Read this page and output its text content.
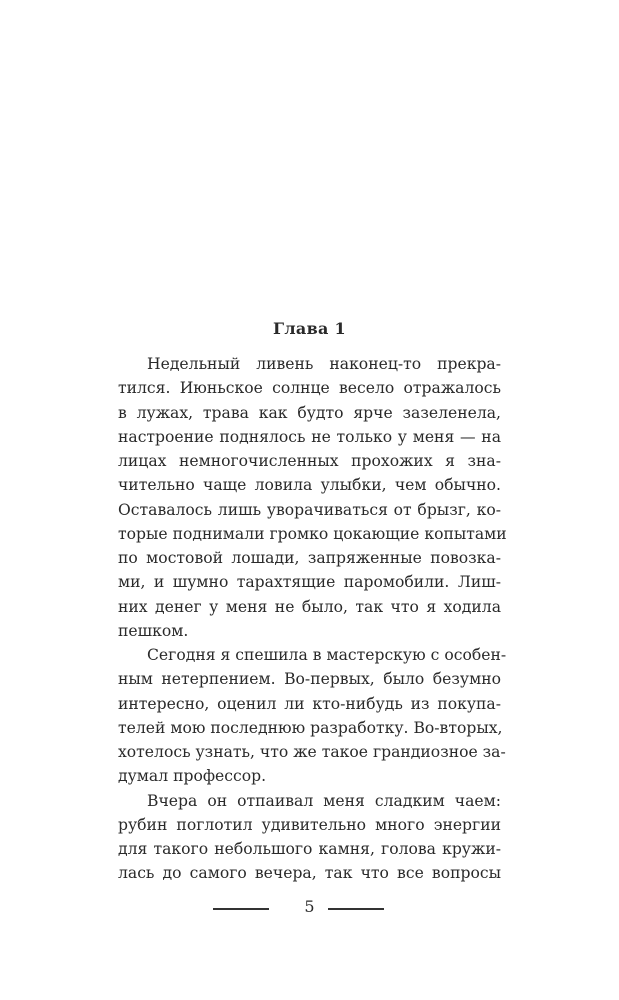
Глава 1
Недельный ливень наконец-то прекра-
тился. Июньское солнце весело отражалось
в лужах, трава как будто ярче зазеленела,
настроение поднялось не только у меня — на
лицах немногочисленных прохожих я зна-
чительно чаще ловила улыбки, чем обычно.
Оставалось лишь уворачиваться от брызг, ко-
торые поднимали громко цокающие копытами
по мостовой лошади, запряженные повозка-
ми, и шумно тарахтящие паромобили. Лиш-
них денег у меня не было, так что я ходила
пешком.
Сегодня я спешила в мастерскую с особен-
ным нетерпением. Во-первых, было безумно
интересно, оценил ли кто-нибудь из покупа-
телей мою последнюю разработку. Во-вторых,
хотелось узнать, что же такое грандиозное за-
думал профессор.
Вчера он отпаивал меня сладким чаем:
рубин поглотил удивительно много энергии
для такого небольшого камня, голова кружи-
лась до самого вечера, так что все вопросы
5
